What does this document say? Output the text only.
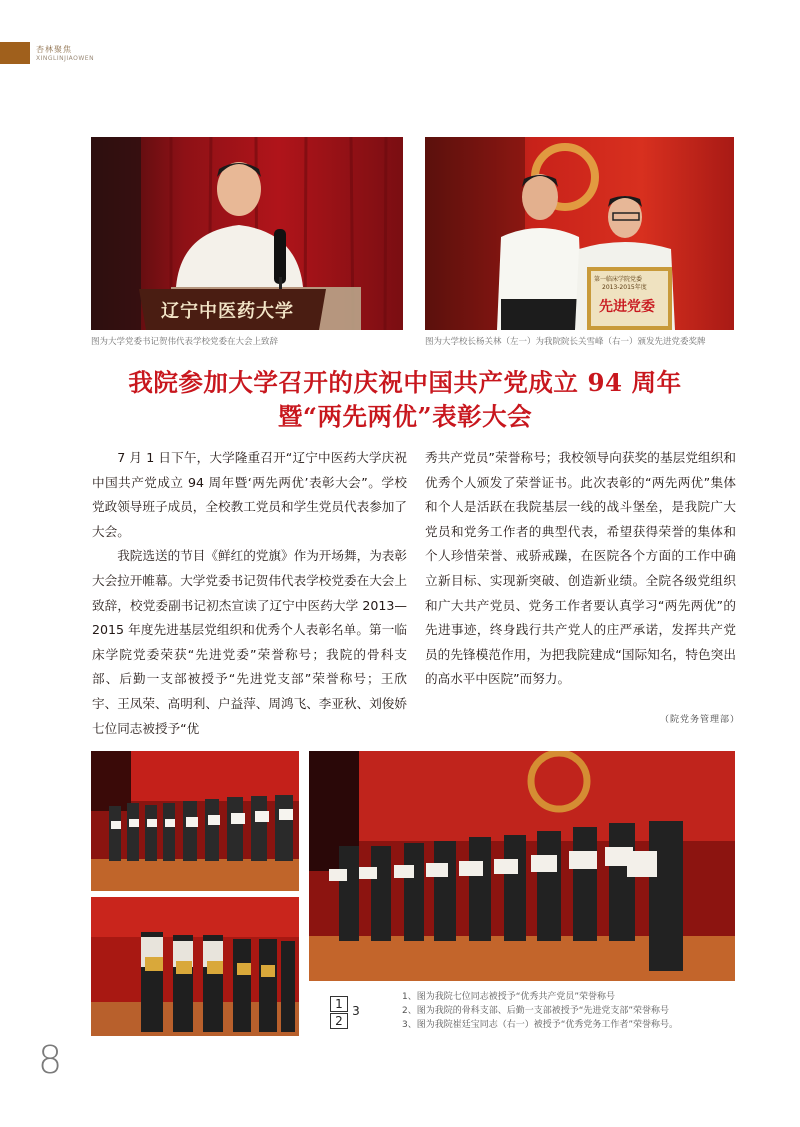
杏林聚焦
XINGLINJIAOWEN
辽宁中医药大学
图为大学党委书记贺伟代表学校党委在大会上致辞
第一临床学院党委
2013-2015年度
先进党委
图为大学校长杨关林（左一）为我院院长关雪峰（右一）颁发先进党委奖牌
我院参加大学召开的庆祝中国共产党成立 94 周年
暨“两先两优”表彰大会

7 月 1 日下午，大学隆重召开“辽宁中医药大学庆祝中国共产党成立 94 周年暨‘两先两优’表彰大会”。学校党政领导班子成员，全校教工党员和学生党员代表参加了大会。

我院选送的节目《鲜红的党旗》作为开场舞，为表彰大会拉开帷幕。大学党委书记贺伟代表学校党委在大会上致辞，校党委副书记初杰宣读了辽宁中医药大学 2013—2015 年度先进基层党组织和优秀个人表彰名单。第一临床学院党委荣获“先进党委”荣誉称号；我院的骨科支部、后勤一支部被授予“先进党支部”荣誉称号；王欣宇、王凤荣、高明利、户益萍、周鸿飞、李亚秋、刘俊娇七位同志被授予“优

秀共产党员”荣誉称号；我校领导向获奖的基层党组织和优秀个人颁发了荣誉证书。此次表彰的“两先两优”集体和个人是活跃在我院基层一线的战斗堡垒，是我院广大党员和党务工作者的典型代表，希望获得荣誉的集体和个人珍惜荣誉、戒骄戒躁，在医院各个方面的工作中确立新目标、实现新突破、创造新业绩。全院各级党组织和广大共产党员、党务工作者要认真学习“两先两优”的先进事迹，终身践行共产党人的庄严承诺，发挥共产党员的先锋模范作用，为把我院建成“国际知名，特色突出的高水平中医院”而努力。

（院党务管理部）
1
2
3
1、图为我院七位同志被授予“优秀共产党员”荣誉称号
2、图为我院的骨科支部、后勤一支部被授予“先进党支部”荣誉称号
3、图为我院崔廷宝同志（右一）被授予“优秀党务工作者”荣誉称号。
8
